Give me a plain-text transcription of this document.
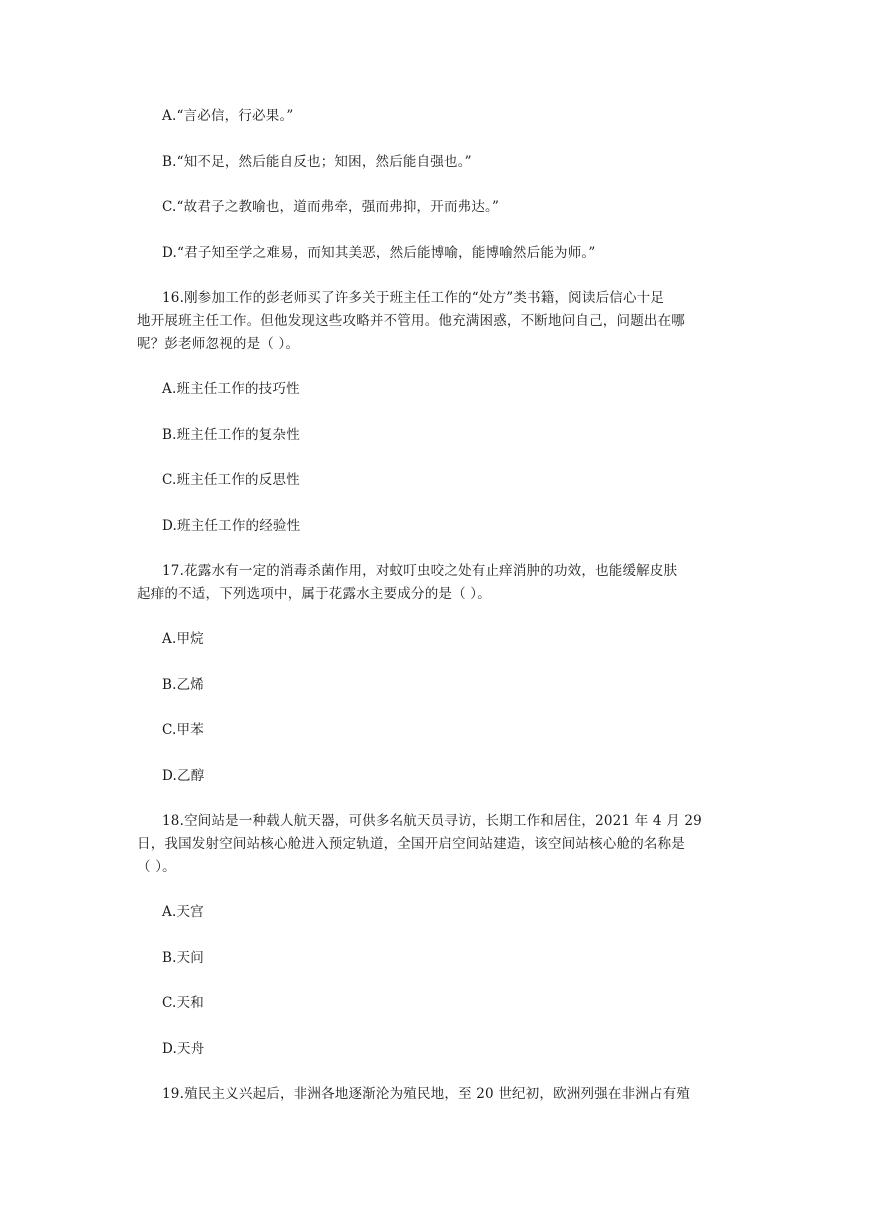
A.“言必信，行必果。”
B.“知不足，然后能自反也；知困，然后能自强也。”
C.“故君子之教喻也，道而弗牵，强而弗抑，开而弗达。”
D.“君子知至学之难易，而知其美恶，然后能博喻，能博喻然后能为师。”
16.刚参加工作的彭老师买了许多关于班主任工作的“处方”类书籍，阅读后信心十足
地开展班主任工作。但他发现这些攻略并不管用。他充满困惑，不断地问自己，问题出在哪
呢？彭老师忽视的是（ ）。
A.班主任工作的技巧性
B.班主任工作的复杂性
C.班主任工作的反思性
D.班主任工作的经验性
17.花露水有一定的消毒杀菌作用，对蚊叮虫咬之处有止痒消肿的功效，也能缓解皮肤
起痱的不适，下列选项中，属于花露水主要成分的是（ ）。
A.甲烷
B.乙烯
C.甲苯
D.乙醇
18.空间站是一种载人航天器，可供多名航天员寻访，长期工作和居住，2021 年 4 月 29
日，我国发射空间站核心舱进入预定轨道，全国开启空间站建造，该空间站核心舱的名称是
（ ）。
A.天宫
B.天问
C.天和
D.天舟
19.殖民主义兴起后，非洲各地逐渐沦为殖民地，至 20 世纪初，欧洲列强在非洲占有殖
